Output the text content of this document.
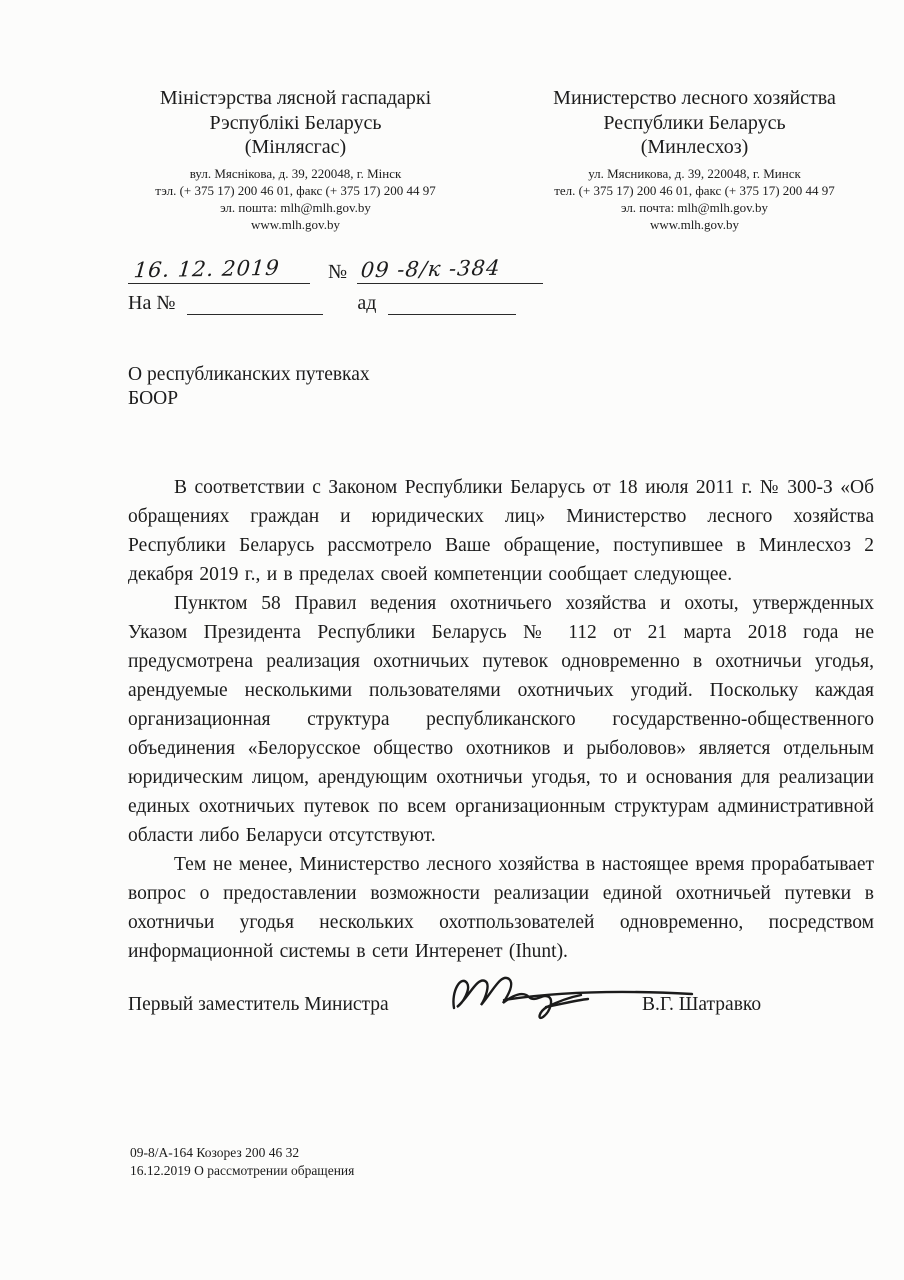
Міністэрства лясной гаспадаркі
Рэспублікі Беларусь
(Мінлясгас)
вул. Мяснікова, д. 39, 220048, г. Мінск
тэл. (+ 375 17) 200 46 01, факс (+ 375 17) 200 44 97
эл. пошта: mlh@mlh.gov.by
www.mlh.gov.by
Министерство лесного хозяйства
Республики Беларусь
(Минлесхоз)
ул. Мясникова, д. 39, 220048, г. Минск
тел. (+ 375 17) 200 46 01, факс (+ 375 17) 200 44 97
эл. почта: mlh@mlh.gov.by
www.mlh.gov.by
16. 12. 2019	№ 09 -8/к -384
На №	ад
О республиканских путевках
БООР

В соответствии с Законом Республики Беларусь от 18 июля 2011 г. № 300-З «Об обращениях граждан и юридических лиц» Министерство лесного хозяйства Республики Беларусь рассмотрело Ваше обращение, поступившее в Минлесхоз 2 декабря 2019 г., и в пределах своей компетенции сообщает следующее.

Пунктом 58 Правил ведения охотничьего хозяйства и охоты, утвержденных Указом Президента Республики Беларусь № 112 от 21 марта 2018 года не предусмотрена реализация охотничьих путевок одновременно в охотничьи угодья, арендуемые несколькими пользователями охотничьих угодий. Поскольку каждая организационная структура республиканского государственно-общественного объединения «Белорусское общество охотников и рыболовов» является отдельным юридическим лицом, арендующим охотничьи угодья, то и основания для реализации единых охотничьих путевок по всем организационным структурам административной области либо Беларуси отсутствуют.

Тем не менее, Министерство лесного хозяйства в настоящее время прорабатывает вопрос о предоставлении возможности реализации единой охотничьей путевки в охотничьи угодья нескольких охотпользователей одновременно, посредством информационной системы в сети Интеренет (Ihunt).

Первый заместитель Министра	В.Г. Шатравко
09-8/А-164 Козорез 200 46 32
16.12.2019 О рассмотрении обращения
